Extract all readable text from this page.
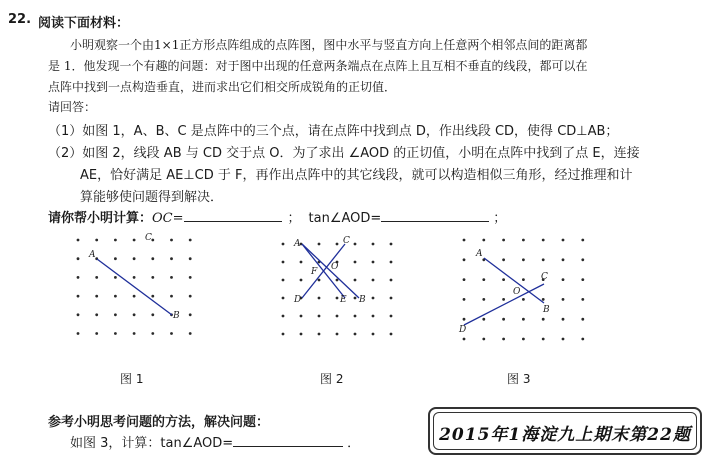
22. 阅读下面材料：
小明观察一个由1×1正方形点阵组成的点阵图，图中水平与竖直方向上任意两个相邻点间的距离都
是 1．他发现一个有趣的问题：对于图中出现的任意两条端点在点阵上且互相不垂直的线段，都可以在
点阵中找到一点构造垂直，进而求出它们相交所成锐角的正切值．
请回答：
（1）如图 1，A、B、C 是点阵中的三个点，请在点阵中找到点 D，作出线段 CD，使得 CD⊥AB；
（2）如图 2，线段 AB 与 CD 交于点 O．为了求出 ∠AOD 的正切值，小明在点阵中找到了点 E，连接
AE，恰好满足 AE⊥CD 于 F，再作出点阵中的其它线段，就可以构造相似三角形，经过推理和计
算能够使问题得到解决．
请你帮小明计算：OC=	； tan∠AOD=	；
A
B
C
A	C
F O
D	E B
A
C
O
B
D
图 1	图 2	图 3
参考小明思考问题的方法，解决问题：
如图 3，计算：tan∠AOD=	．	2015年1海淀九上期末第22题
